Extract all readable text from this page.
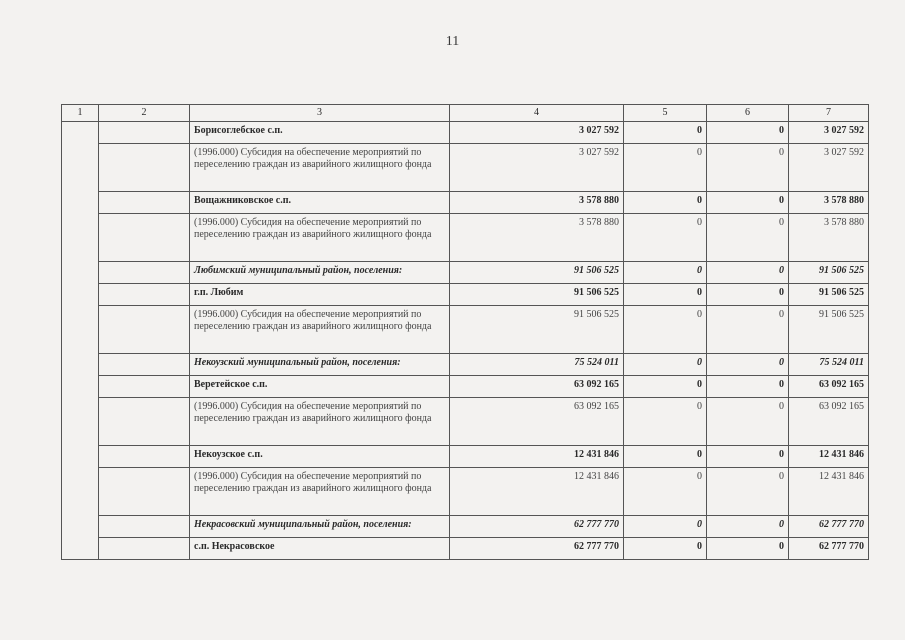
11
1	2	3	4	5	6	7
		Борисоглебское с.п.	3 027 592	0	0	3 027 592
		(1996.000) Субсидия на обеспечение мероприятий по переселению граждан из аварийного жилищного фонда	3 027 592	0	0	3 027 592
		Вощажниковское с.п.	3 578 880	0	0	3 578 880
		(1996.000) Субсидия на обеспечение мероприятий по переселению граждан из аварийного жилищного фонда	3 578 880	0	0	3 578 880
		Любимский муниципальный район, поселения:	91 506 525	0	0	91 506 525
		г.п. Любим	91 506 525	0	0	91 506 525
		(1996.000) Субсидия на обеспечение мероприятий по переселению граждан из аварийного жилищного фонда	91 506 525	0	0	91 506 525
		Некоузский муниципальный район, поселения:	75 524 011	0	0	75 524 011
		Веретейское с.п.	63 092 165	0	0	63 092 165
		(1996.000) Субсидия на обеспечение мероприятий по переселению граждан из аварийного жилищного фонда	63 092 165	0	0	63 092 165
		Некоузское с.п.	12 431 846	0	0	12 431 846
		(1996.000) Субсидия на обеспечение мероприятий по переселению граждан из аварийного жилищного фонда	12 431 846	0	0	12 431 846
		Некрасовский муниципальный район, поселения:	62 777 770	0	0	62 777 770
		с.п. Некрасовское	62 777 770	0	0	62 777 770
